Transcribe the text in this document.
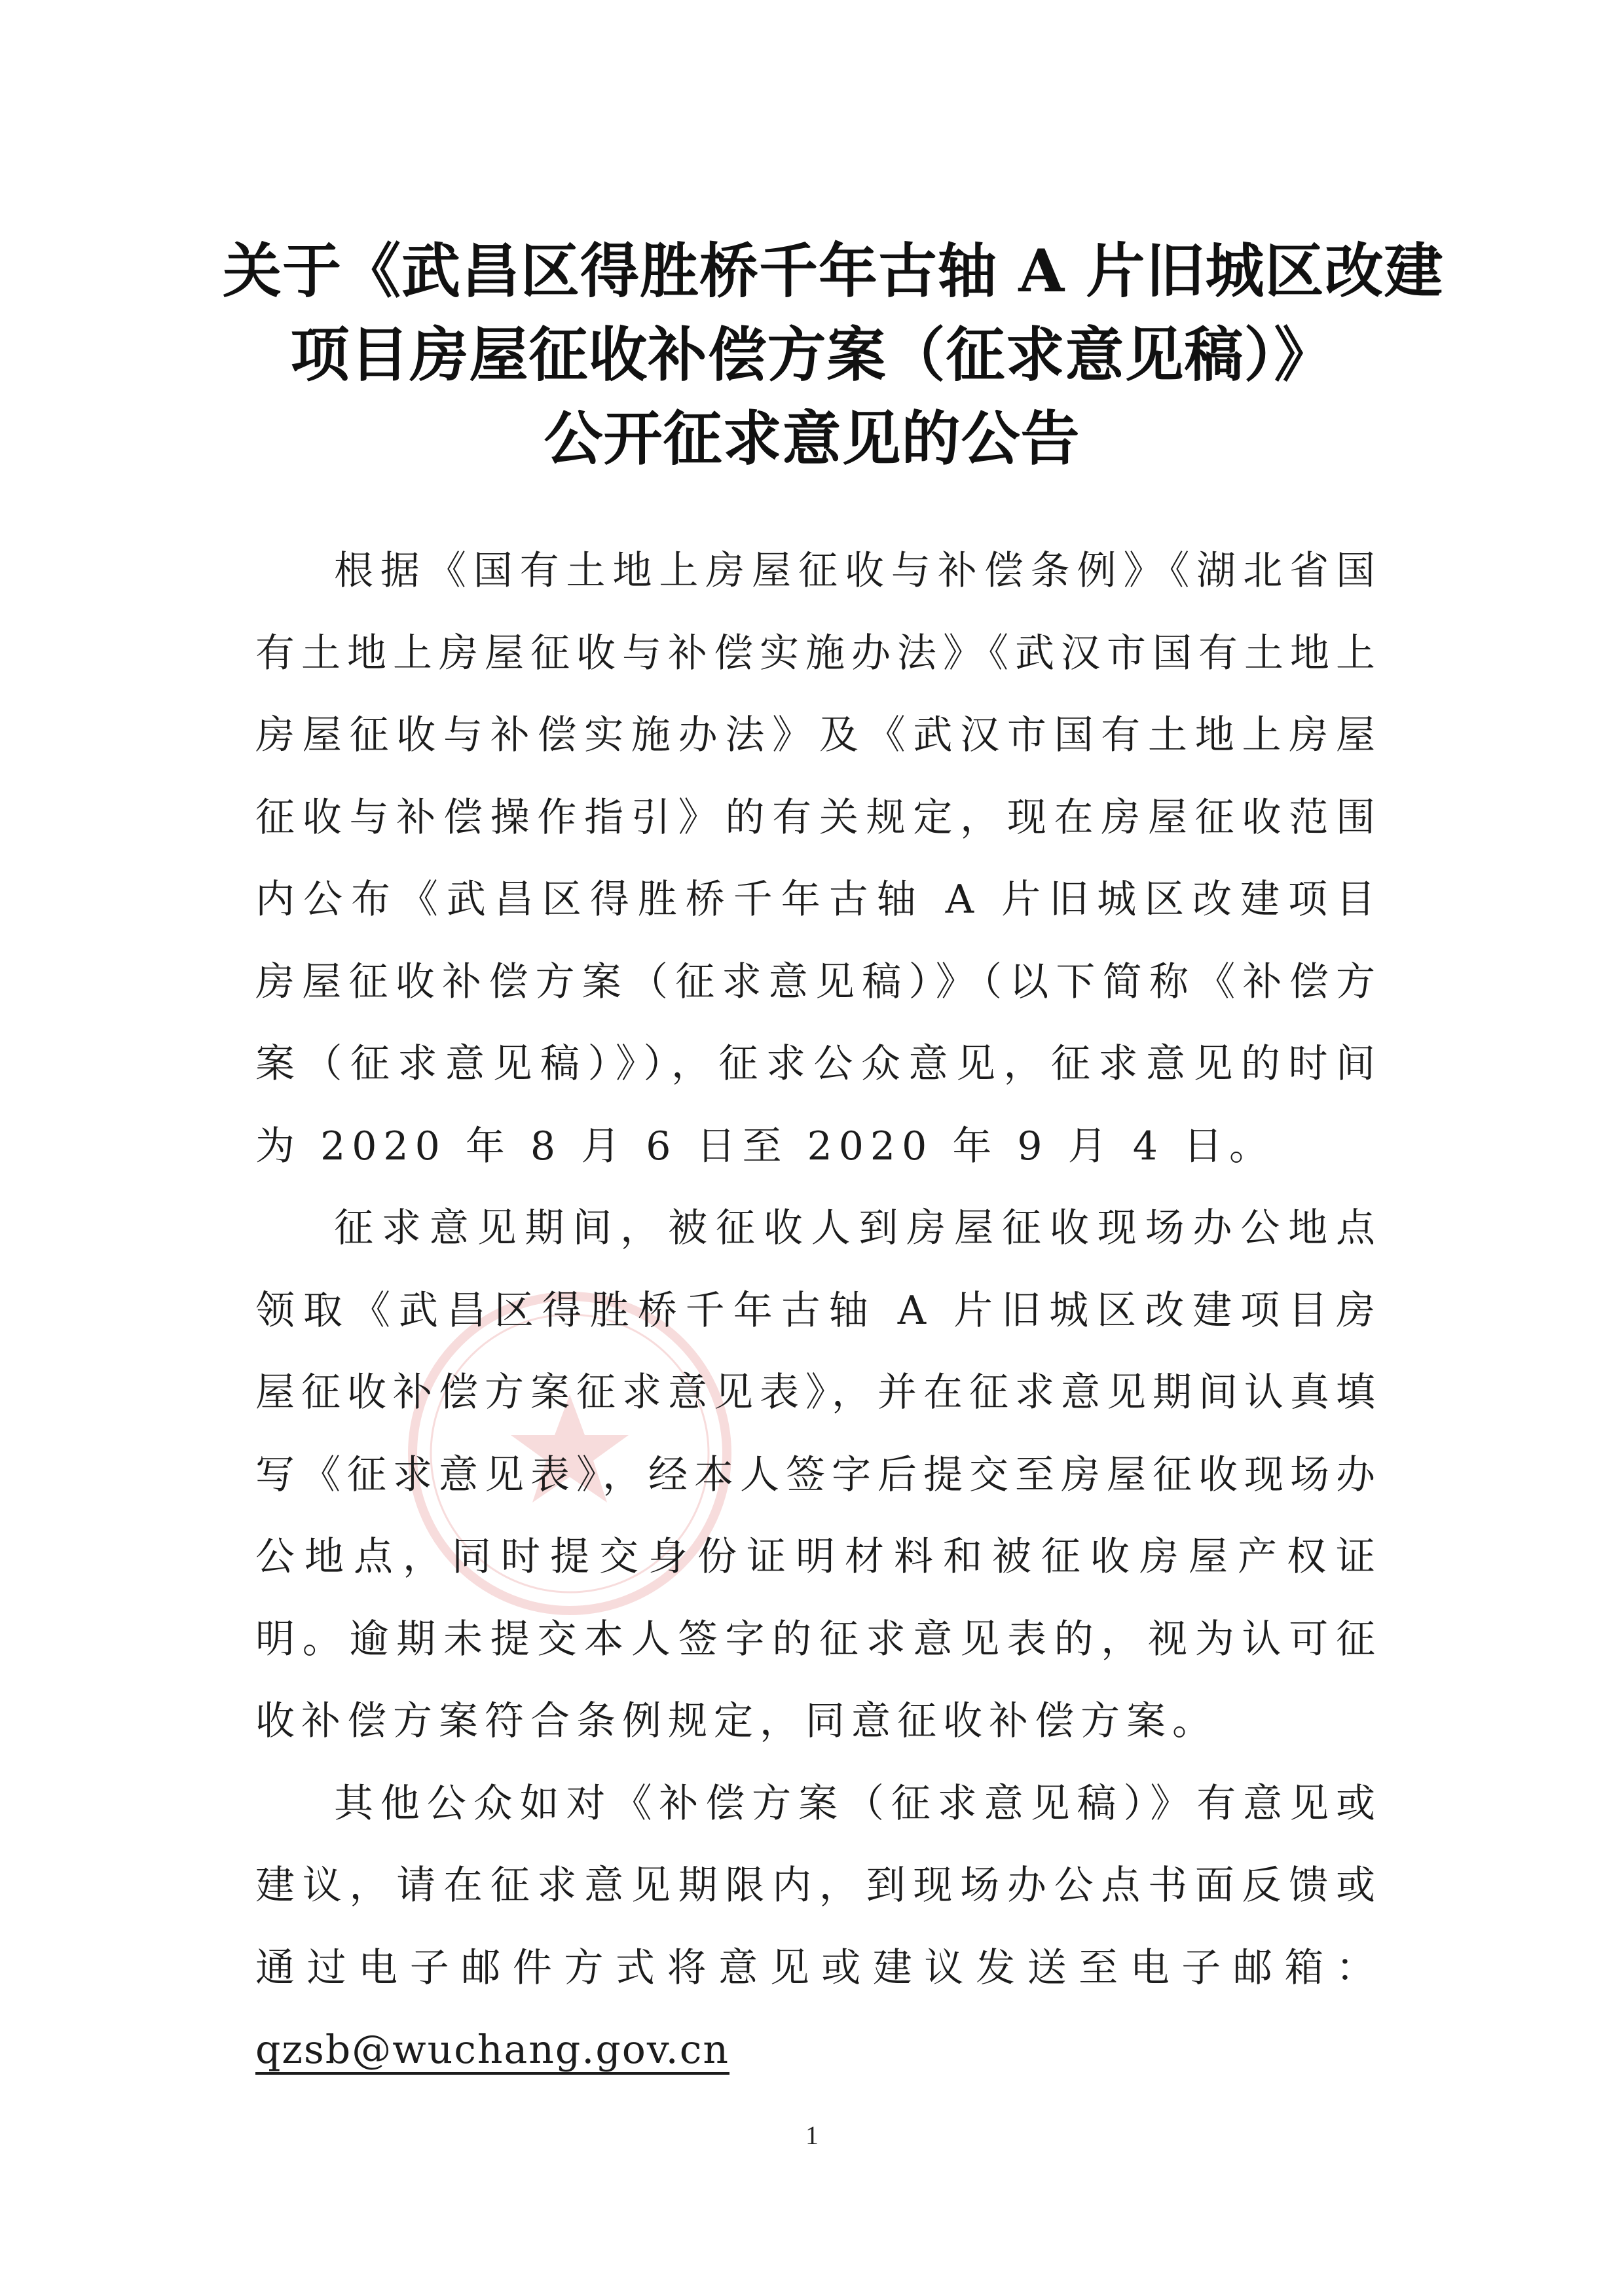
关于《武昌区得胜桥千年古轴 A 片旧城区改建
项目房屋征收补偿方案（征求意见稿）》
公开征求意见的公告

根据《国有土地上房屋征收与补偿条例》《湖北省国有土地上房屋征收与补偿实施办法》《武汉市国有土地上房屋征收与补偿实施办法》及《武汉市国有土地上房屋征收与补偿操作指引》的有关规定，现在房屋征收范围内公布《武昌区得胜桥千年古轴 A 片旧城区改建项目房屋征收补偿方案（征求意见稿）》（以下简称《补偿方案（征求意见稿）》），征求公众意见，征求意见的时间为 2020 年 8 月 6 日至 2020 年 9 月 4 日。

征求意见期间，被征收人到房屋征收现场办公地点领取《武昌区得胜桥千年古轴 A 片旧城区改建项目房屋征收补偿方案征求意见表》，并在征求意见期间认真填写《征求意见表》，经本人签字后提交至房屋征收现场办公地点，同时提交身份证明材料和被征收房屋产权证明。逾期未提交本人签字的征求意见表的，视为认可征收补偿方案符合条例规定，同意征收补偿方案。

其他公众如对《补偿方案（征求意见稿）》有意见或建议，请在征求意见期限内，到现场办公点书面反馈或通过电子邮件方式将意见或建议发送至电子邮箱：qzsb@wuchang.gov.cn

1
